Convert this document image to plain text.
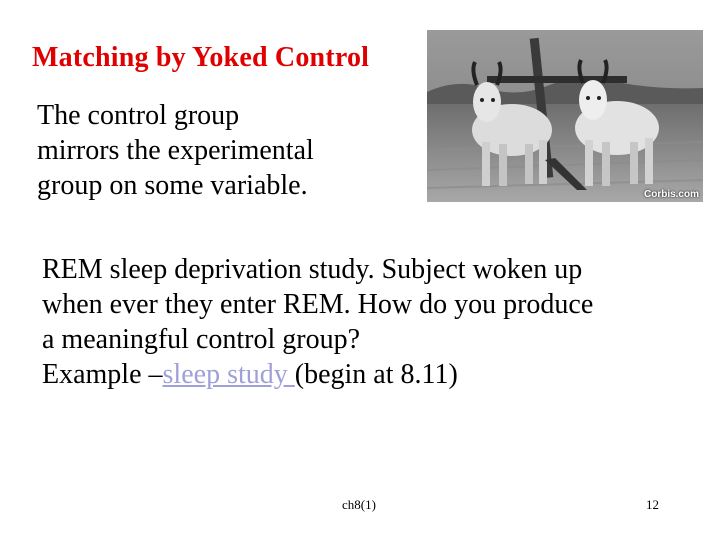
Matching by Yoked Control
The control group
mirrors the experimental
group on some variable.	Corbis.com
REM sleep deprivation study. Subject woken up
when ever they enter REM. How do you produce
a meaningful control group?
Example –sleep study (begin at 8.11)
ch8(1)	12
